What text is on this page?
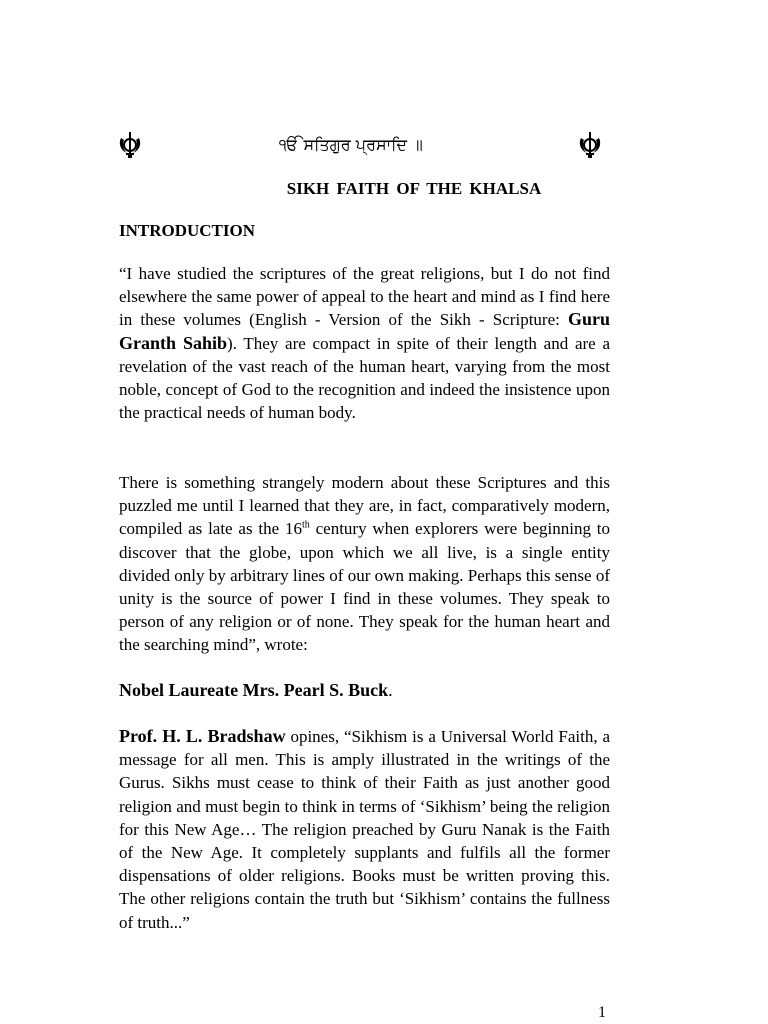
ੴ ਸਤਿਗੁਰ ਪ੍ਰਸਾਦਿ ॥
SIKH FAITH OF THE KHALSA
INTRODUCTION

“I have studied the scriptures of the great religions, but I do not find elsewhere the same power of appeal to the heart and mind as I find here in these volumes (English - Version of the Sikh - Scripture: Guru Granth Sahib). They are compact in spite of their length and are a revelation of the vast reach of the human heart, varying from the most noble, concept of God to the recognition and indeed the insistence upon the practical needs of human body.

There is something strangely modern about these Scriptures and this puzzled me until I learned that they are, in fact, comparatively modern, compiled as late as the 16th century when explorers were beginning to discover that the globe, upon which we all live, is a single entity divided only by arbitrary lines of our own making. Perhaps this sense of unity is the source of power I find in these volumes. They speak to person of any religion or of none. They speak for the human heart and the searching mind”, wrote:

Nobel Laureate Mrs. Pearl S. Buck.

Prof. H. L. Bradshaw opines, “Sikhism is a Universal World Faith, a message for all men. This is amply illustrated in the writings of the Gurus. Sikhs must cease to think of their Faith as just another good religion and must begin to think in terms of ‘Sikhism’ being the religion for this New Age… The religion preached by Guru Nanak is the Faith of the New Age. It completely supplants and fulfils all the former dispensations of older religions. Books must be written proving this. The other religions contain the truth but ‘Sikhism’ contains the fullness of truth...”

1
